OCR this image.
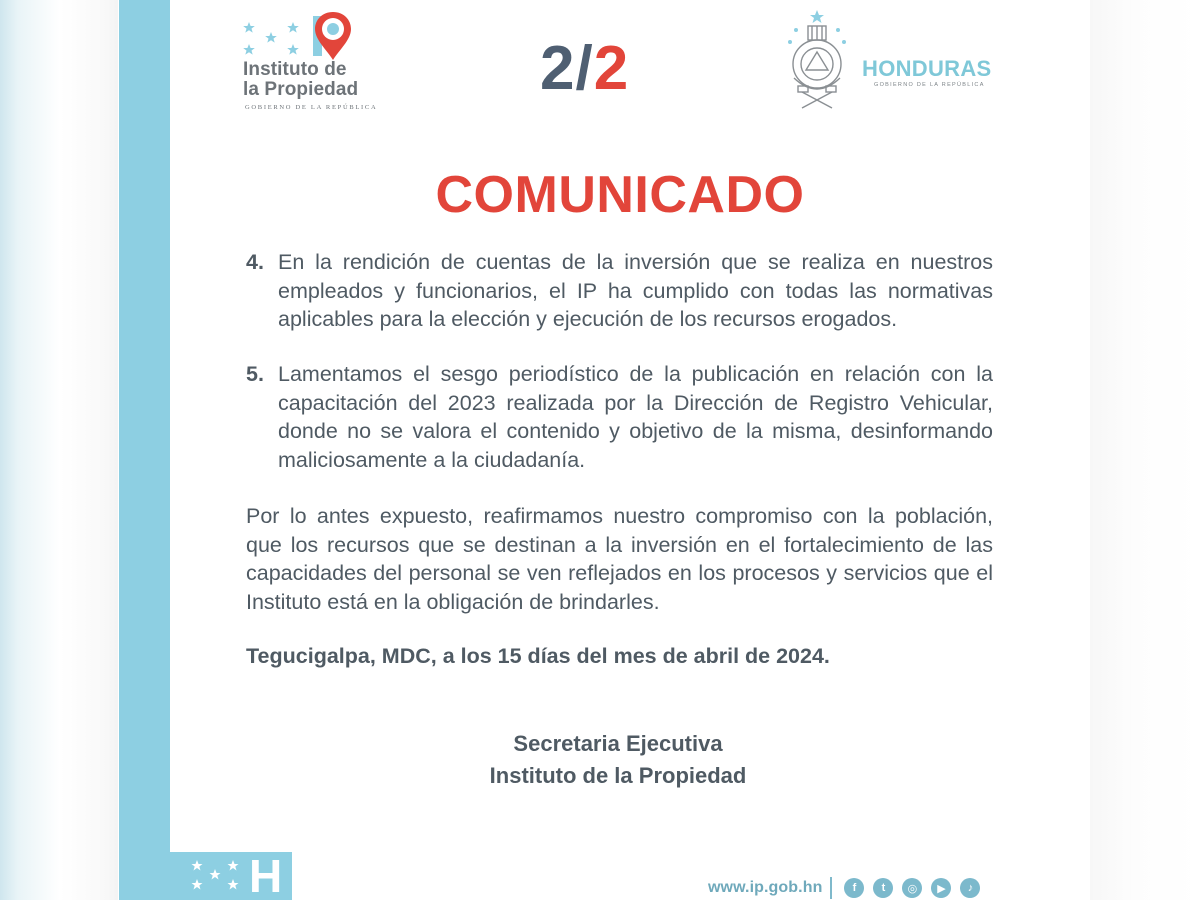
H
Instituto de
la Propiedad
GOBIERNO DE LA REPÚBLICA
2/2	HONDURAS
GOBIERNO DE LA REPÚBLICA
COMUNICADO
4. En la rendición de cuentas de la inversión que se realiza en nuestros empleados y funcionarios, el IP ha cumplido con todas las normativas aplicables para la elección y ejecución de los recursos erogados.
5. Lamentamos el sesgo periodístico de la publicación en relación con la capacitación del 2023 realizada por la Dirección de Registro Vehicular, donde no se valora el contenido y objetivo de la misma, desinformando maliciosamente a la ciudadanía.

Por lo antes expuesto, reafirmamos nuestro compromiso con la población, que los recursos que se destinan a la inversión en el fortalecimiento de las capacidades del personal se ven reflejados en los procesos y servicios que el Instituto está en la obligación de brindarles.

Tegucigalpa, MDC, a los 15 días del mes de abril de 2024.

Secretaria Ejecutiva
Instituto de la Propiedad
www.ip.gob.hn	f	t	◎	▶	♪
